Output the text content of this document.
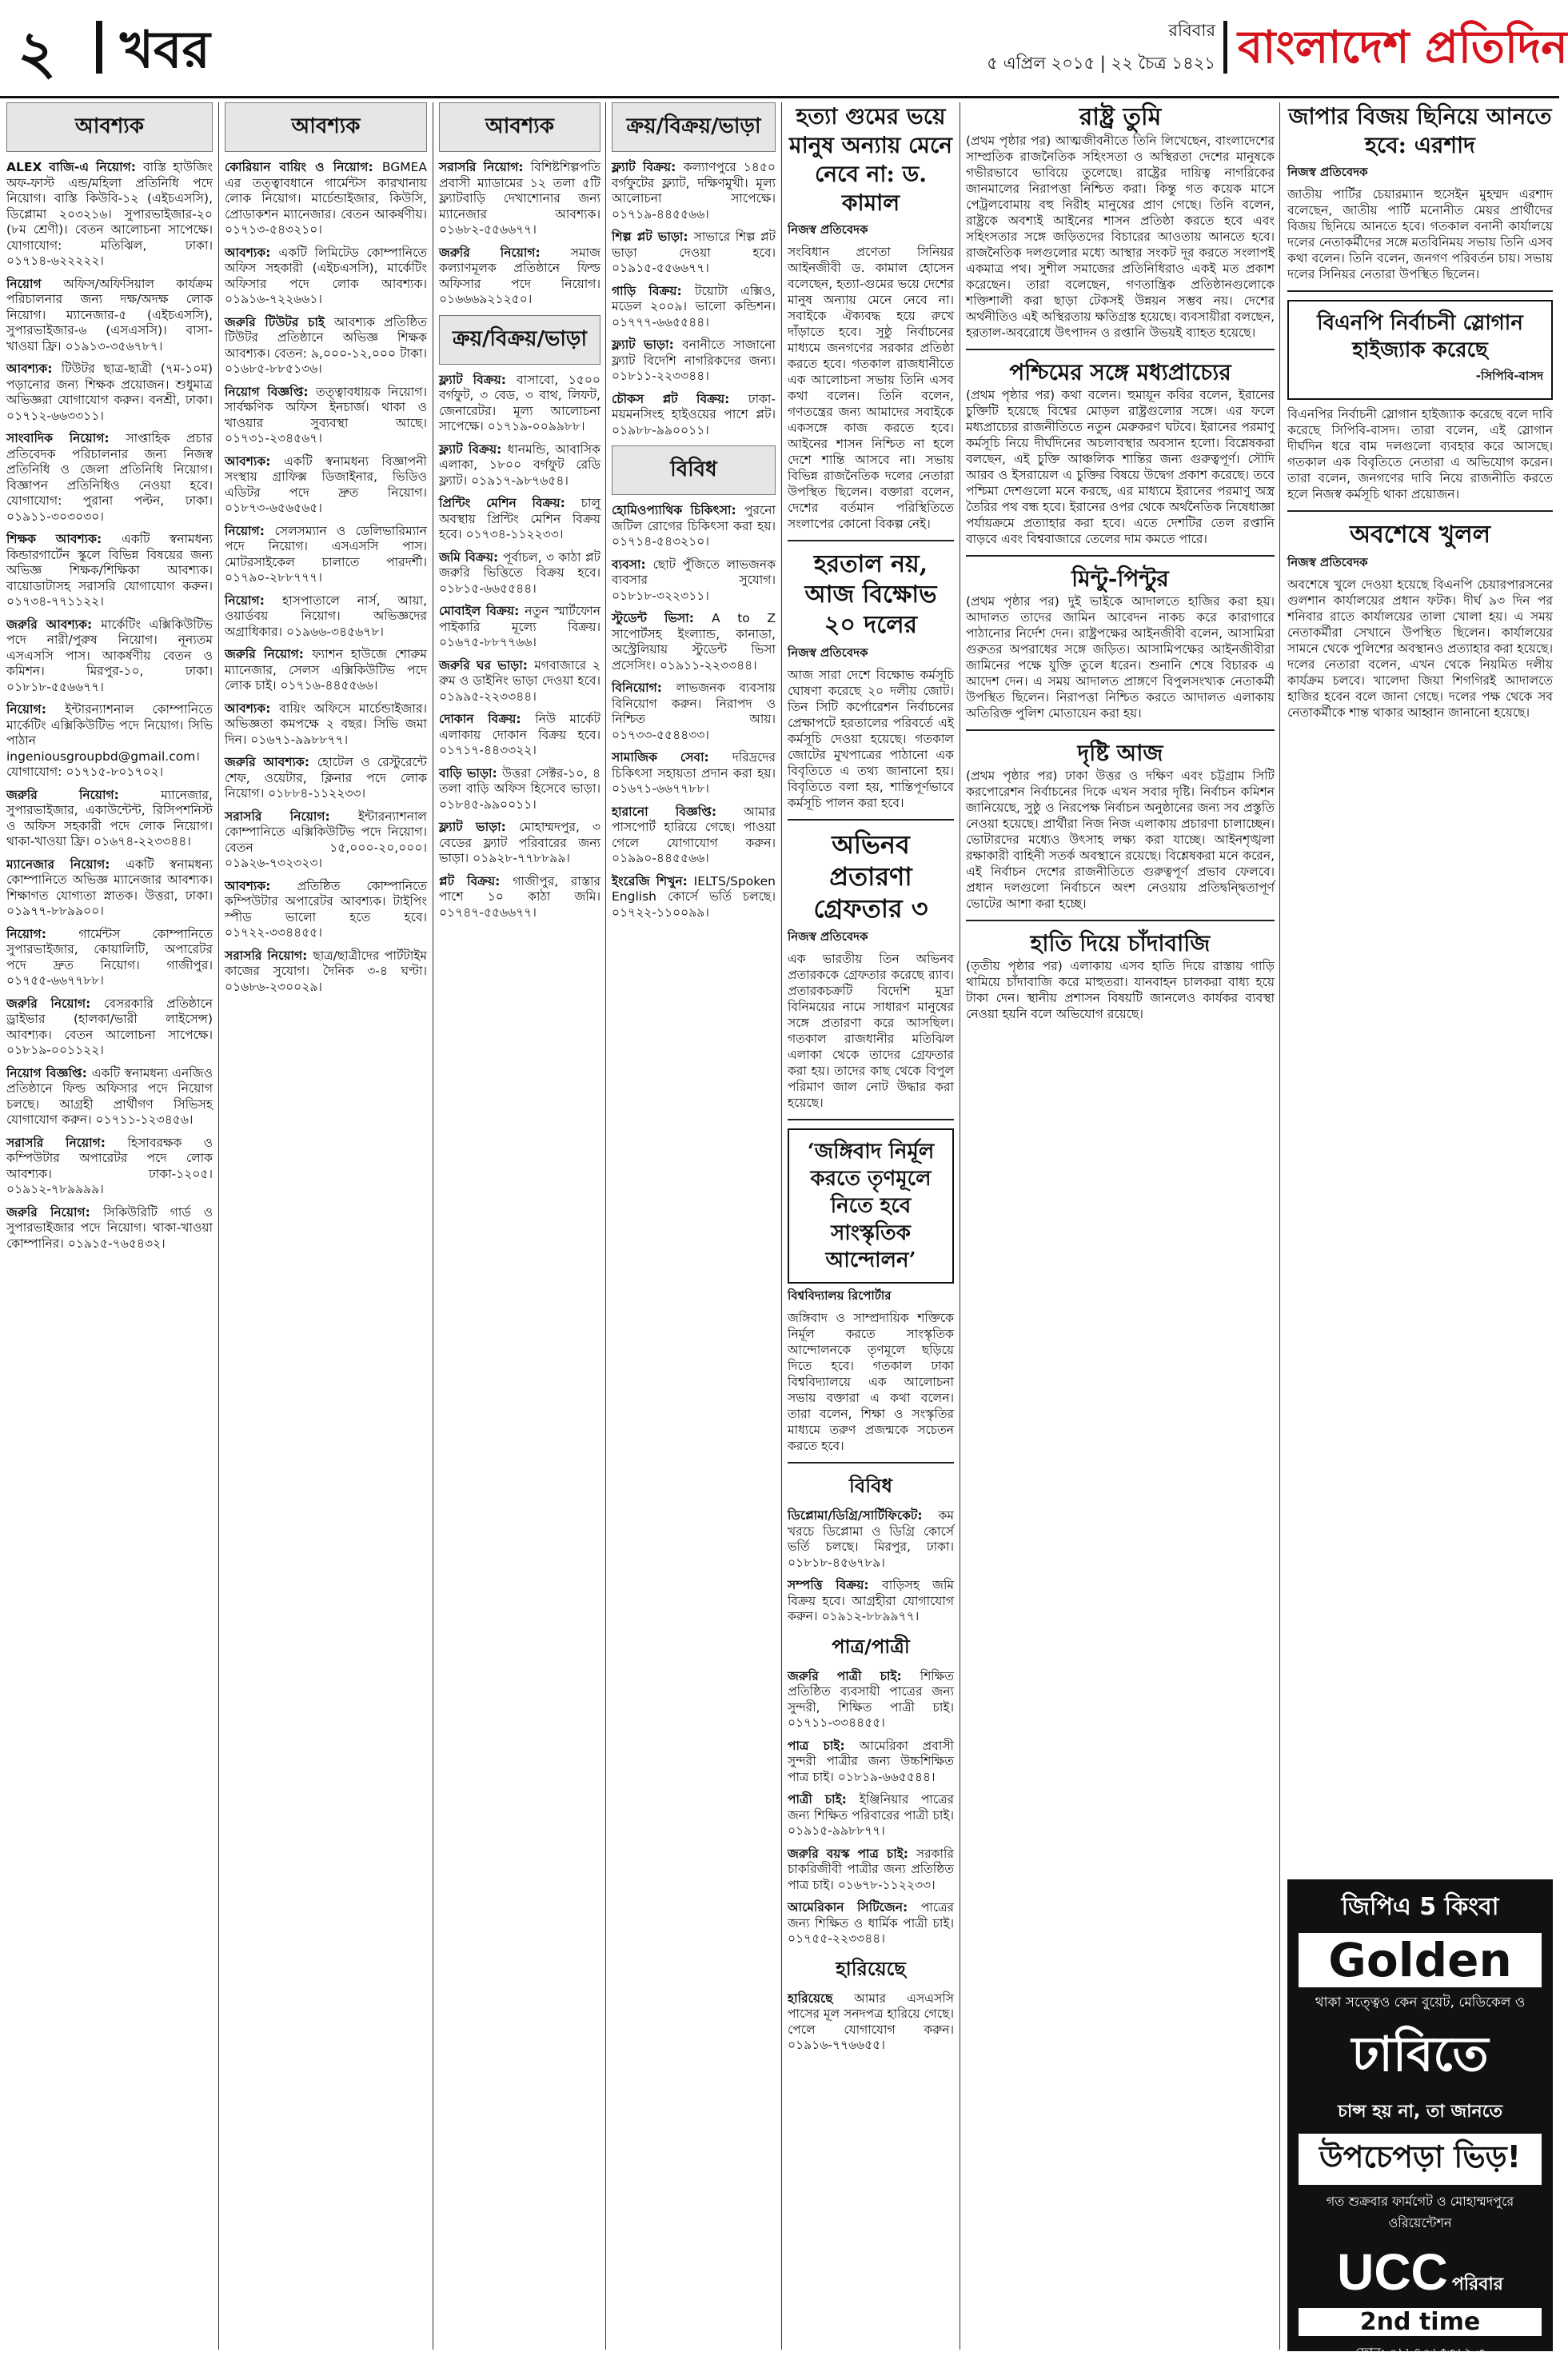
২ খবর	রবিবার
৫ এপ্রিল ২০১৫ | ২২ চৈত্র ১৪২১ বাংলাদেশ প্রতিদিন
আবশ্যক
ALEX বাজি-এ নিয়োগ: বাস্তি হাউজিং অফ-ফাস্ট এন্ড/মহিলা প্রতিনিধি পদে নিয়োগ। বাস্তি কিউবি-১২ (এইচএসসি), ডিপ্লোমা ২০৩২১৬। সুপারভাইজার-২০ (৮ম শ্রেণী)। বেতন আলোচনা সাপেক্ষে। যোগাযোগ: মতিঝিল, ঢাকা। ০১৭১৪-৬২২২২২।
নিয়োগ অফিস/অফিসিয়াল কার্যক্রম পরিচালনার জন্য দক্ষ/অদক্ষ লোক নিয়োগ। ম্যানেজার-৫ (এইচএসসি), সুপারভাইজার-৬ (এসএসসি)। বাসা-খাওয়া ফ্রি। ০১৯১৩-৩৫৬৭৮৭।
আবশ্যক: টিউটর ছাত্র-ছাত্রী (৭ম-১০ম) পড়ানোর জন্য শিক্ষক প্রয়োজন। শুধুমাত্র অভিজ্ঞরা যোগাযোগ করুন। বনশ্রী, ঢাকা। ০১৭১২-৬৬৩৩১১।
সাংবাদিক নিয়োগ: সাপ্তাহিক প্রচার প্রতিবেদক পরিচালনার জন্য নিজস্ব প্রতিনিধি ও জেলা প্রতিনিধি নিয়োগ। বিজ্ঞাপন প্রতিনিধিও নেওয়া হবে। যোগাযোগ: পুরানা পল্টন, ঢাকা। ০১৯১১-৩০৩০৩০।
শিক্ষক আবশ্যক: একটি স্বনামধন্য কিন্ডারগার্টেন স্কুলে বিভিন্ন বিষয়ের জন্য অভিজ্ঞ শিক্ষক/শিক্ষিকা আবশ্যক। বায়োডাটাসহ সরাসরি যোগাযোগ করুন। ০১৭৩৪-৭৭১১২২।
জরুরি আবশ্যক: মার্কেটিং এক্সিকিউটিভ পদে নারী/পুরুষ নিয়োগ। নূন্যতম এসএসসি পাস। আকর্ষণীয় বেতন ও কমিশন। মিরপুর-১০, ঢাকা। ০১৮১৮-৫৫৬৬৭৭।
নিয়োগ: ইন্টারন্যাশনাল কোম্পানিতে মার্কেটিং এক্সিকিউটিভ পদে নিয়োগ। সিভি পাঠান ingeniousgroupbd@gmail.com। যোগাযোগ: ০১৭১৫-৮০১৭০২।
জরুরি নিয়োগ: ম্যানেজার, সুপারভাইজার, একাউন্টেন্ট, রিসিপশনিস্ট ও অফিস সহকারী পদে লোক নিয়োগ। থাকা-খাওয়া ফ্রি। ০১৬৭৪-২২৩৩৪৪।
ম্যানেজার নিয়োগ: একটি স্বনামধন্য কোম্পানিতে অভিজ্ঞ ম্যানেজার আবশ্যক। শিক্ষাগত যোগ্যতা স্নাতক। উত্তরা, ঢাকা। ০১৯৭৭-৮৮৯৯০০।
নিয়োগ: গার্মেন্টস কোম্পানিতে সুপারভাইজার, কোয়ালিটি, অপারেটর পদে দ্রুত নিয়োগ। গাজীপুর। ০১৭৫৫-৬৬৭৭৮৮।
জরুরি নিয়োগ: বেসরকারি প্রতিষ্ঠানে ড্রাইভার (হালকা/ভারী লাইসেন্স) আবশ্যক। বেতন আলোচনা সাপেক্ষে। ০১৮১৯-০০১১২২।
নিয়োগ বিজ্ঞপ্তি: একটি স্বনামধন্য এনজিও প্রতিষ্ঠানে ফিল্ড অফিসার পদে নিয়োগ চলছে। আগ্রহী প্রার্থীগণ সিভিসহ যোগাযোগ করুন। ০১৭১১-১২৩৪৫৬।
সরাসরি নিয়োগ: হিসাবরক্ষক ও কম্পিউটার অপারেটর পদে লোক আবশ্যক। ঢাকা-১২০৫। ০১৯১২-৭৮৯৯৯৯।
জরুরি নিয়োগ: সিকিউরিটি গার্ড ও সুপারভাইজার পদে নিয়োগ। থাকা-খাওয়া কোম্পানির। ০১৯১৫-৭৬৫৪৩২।
আবশ্যক
কোরিয়ান বায়িং ও নিয়োগ: BGMEA এর তত্ত্বাবধানে গার্মেন্টস কারখানায় লোক নিয়োগ। মার্চেন্ডাইজার, কিউসি, প্রোডাকশন ম্যানেজার। বেতন আকর্ষণীয়। ০১৭১৩-৫৪৩২১০।
আবশ্যক: একটি লিমিটেড কোম্পানিতে অফিস সহকারী (এইচএসসি), মার্কেটিং অফিসার পদে লোক আবশ্যক। ০১৯১৬-৭২২৬৬১।
জরুরি টিউটর চাই আবশ্যক প্রতিষ্ঠিত টিউটর প্রতিষ্ঠানে অভিজ্ঞ শিক্ষক আবশ্যক। বেতন: ৯,০০০-১২,০০০ টাকা। ০১৬৮৫-৮৮৫১৩৬।
নিয়োগ বিজ্ঞপ্তি: তত্ত্বাবধায়ক নিয়োগ। সার্বক্ষণিক অফিস ইনচার্জ। থাকা ও খাওয়ার সুব্যবস্থা আছে। ০১৭৩১-২৩৪৫৬৭।
আবশ্যক: একটি স্বনামধন্য বিজ্ঞাপনী সংস্থায় গ্রাফিক্স ডিজাইনার, ভিডিও এডিটর পদে দ্রুত নিয়োগ। ০১৮৭৩-৬৫৬৫৬৫।
নিয়োগ: সেলসম্যান ও ডেলিভারিম্যান পদে নিয়োগ। এসএসসি পাস। মোটরসাইকেল চালাতে পারদর্শী। ০১৭৯০-২৮৮৭৭৭।
নিয়োগ: হাসপাতালে নার্স, আয়া, ওয়ার্ডবয় নিয়োগ। অভিজ্ঞদের অগ্রাধিকার। ০১৯৬৬-৩৪৫৬৭৮।
জরুরি নিয়োগ: ফ্যাশন হাউজে শোরুম ম্যানেজার, সেলস এক্সিকিউটিভ পদে লোক চাই। ০১৭১৬-৪৪৫৫৬৬।
আবশ্যক: বায়িং অফিসে মার্চেন্ডাইজার। অভিজ্ঞতা কমপক্ষে ২ বছর। সিভি জমা দিন। ০১৬৭১-৯৯৮৮৭৭।
জরুরি আবশ্যক: হোটেল ও রেস্টুরেন্টে শেফ, ওয়েটার, ক্লিনার পদে লোক নিয়োগ। ০১৮৮৪-১১২২৩৩।
সরাসরি নিয়োগ: ইন্টারন্যাশনাল কোম্পানিতে এক্সিকিউটিভ পদে নিয়োগ। বেতন ১৫,০০০-২০,০০০। ০১৯২৬-৭৩২৩২৩।
আবশ্যক: প্রতিষ্ঠিত কোম্পানিতে কম্পিউটার অপারেটর আবশ্যক। টাইপিং স্পীড ভালো হতে হবে। ০১৭২২-৩৩৪৪৫৫।
সরাসরি নিয়োগ: ছাত্র/ছাত্রীদের পার্টটাইম কাজের সুযোগ। দৈনিক ৩-৪ ঘণ্টা। ০১৬৮৬-২৩০০২৯।
আবশ্যক
সরাসরি নিয়োগ: বিশিষ্টশিল্পপতি প্রবাসী ম্যাডামের ১২ তলা ৫টি ফ্ল্যাটবাড়ি দেখাশোনার জন্য ম্যানেজার আবশ্যক। ০১৬৮২-৫৫৬৬৭৭।
জরুরি নিয়োগ: সমাজ কল্যাণমূলক প্রতিষ্ঠানে ফিল্ড অফিসার পদে নিয়োগ। ০১৬৬৬৯২১২৫০।
ক্রয়/বিক্রয়/ভাড়া
ফ্ল্যাট বিক্রয়: বাসাবো, ১৫০০ বর্গফুট, ৩ বেড, ৩ বাথ, লিফট, জেনারেটর। মূল্য আলোচনা সাপেক্ষে। ০১৭১৯-০০৯৯৮৮।
ফ্ল্যাট বিক্রয়: ধানমন্ডি, আবাসিক এলাকা, ১৮০০ বর্গফুট রেডি ফ্ল্যাট। ০১৯১৭-৯৮৭৬৫৪।
প্রিন্টিং মেশিন বিক্রয়: চালু অবস্থায় প্রিন্টিং মেশিন বিক্রয় হবে। ০১৭৩৪-১১২২৩৩।
জমি বিক্রয়: পূর্বাচল, ৩ কাঠা প্লট জরুরি ভিত্তিতে বিক্রয় হবে। ০১৮১৫-৬৬৫৫৪৪।
মোবাইল বিক্রয়: নতুন স্মার্টফোন পাইকারি মূল্যে বিক্রয়। ০১৬৭৫-৮৮৭৭৬৬।
জরুরি ঘর ভাড়া: মগবাজারে ২ রুম ও ডাইনিং ভাড়া দেওয়া হবে। ০১৯৯৫-২২৩৩৪৪।
দোকান বিক্রয়: নিউ মার্কেট এলাকায় দোকান বিক্রয় হবে। ০১৭১৭-৪৪৩৩২২।
বাড়ি ভাড়া: উত্তরা সেক্টর-১০, ৪ তলা বাড়ি অফিস হিসেবে ভাড়া। ০১৮৪৫-৯৯০০১১।
ফ্ল্যাট ভাড়া: মোহাম্মদপুর, ৩ বেডের ফ্ল্যাট পরিবারের জন্য ভাড়া। ০১৯২৮-৭৭৮৮৯৯।
প্লট বিক্রয়: গাজীপুর, রাস্তার পাশে ১০ কাঠা জমি। ০১৭৪৭-৫৫৬৬৭৭।
ক্রয়/বিক্রয়/ভাড়া
ফ্ল্যাট বিক্রয়: কল্যাণপুরে ১৪৫০ বর্গফুটের ফ্ল্যাট, দক্ষিণমুখী। মূল্য আলোচনা সাপেক্ষে। ০১৭১৯-৪৪৫৫৬৬।
শিল্প প্লট ভাড়া: সাভারে শিল্প প্লট ভাড়া দেওয়া হবে। ০১৯১৫-৫৫৬৬৭৭।
গাড়ি বিক্রয়: টয়োটা এক্সিও, মডেল ২০০৯। ভালো কন্ডিশন। ০১৭৭৭-৬৬৫৫৪৪।
ফ্ল্যাট ভাড়া: বনানীতে সাজানো ফ্ল্যাট বিদেশি নাগরিকদের জন্য। ০১৮১১-২২৩৩৪৪।
চৌকস প্লট বিক্রয়: ঢাকা-ময়মনসিংহ হাইওয়ের পাশে প্লট। ০১৯৮৮-৯৯০০১১।
বিবিধ
হোমিওপ্যাথিক চিকিৎসা: পুরনো জটিল রোগের চিকিৎসা করা হয়। ০১৭১৪-৫৪৩২১০।
ব্যবসা: ছোট পুঁজিতে লাভজনক ব্যবসার সুযোগ। ০১৮১৮-৩২২৩১১।
স্টুডেন্ট ভিসা: A to Z সাপোর্টসহ ইংল্যান্ড, কানাডা, অস্ট্রেলিয়ায় স্টুডেন্ট ভিসা প্রসেসিং। ০১৯১১-২২৩৩৪৪।
বিনিয়োগ: লাভজনক ব্যবসায় বিনিয়োগ করুন। নিরাপদ ও নিশ্চিত আয়। ০১৭৩৩-৫৫৪৪৩৩।
সামাজিক সেবা: দরিদ্রদের চিকিৎসা সহায়তা প্রদান করা হয়। ০১৬৭১-৬৬৭৭৮৮।
হারানো বিজ্ঞপ্তি: আমার পাসপোর্ট হারিয়ে গেছে। পাওয়া গেলে যোগাযোগ করুন। ০১৯৯০-৪৪৫৫৬৬।
ইংরেজি শিখুন: IELTS/Spoken English কোর্সে ভর্তি চলছে। ০১৭২২-১১০০৯৯।
হত্যা গুমের ভয়ে মানুষ অন্যায় মেনে নেবে না: ড. কামাল
নিজস্ব প্রতিবেদক
সংবিধান প্রণেতা সিনিয়র আইনজীবী ড. কামাল হোসেন বলেছেন, হত্যা-গুমের ভয়ে দেশের মানুষ অন্যায় মেনে নেবে না। সবাইকে ঐক্যবদ্ধ হয়ে রুখে দাঁড়াতে হবে। সুষ্ঠু নির্বাচনের মাধ্যমে জনগণের সরকার প্রতিষ্ঠা করতে হবে। গতকাল রাজধানীতে এক আলোচনা সভায় তিনি এসব কথা বলেন। তিনি বলেন, গণতন্ত্রের জন্য আমাদের সবাইকে একসঙ্গে কাজ করতে হবে। আইনের শাসন নিশ্চিত না হলে দেশে শান্তি আসবে না। সভায় বিভিন্ন রাজনৈতিক দলের নেতারা উপস্থিত ছিলেন। বক্তারা বলেন, দেশের বর্তমান পরিস্থিতিতে সংলাপের কোনো বিকল্প নেই।
হরতাল নয়, আজ বিক্ষোভ ২০ দলের
নিজস্ব প্রতিবেদক
আজ সারা দেশে বিক্ষোভ কর্মসূচি ঘোষণা করেছে ২০ দলীয় জোট। তিন সিটি কর্পোরেশন নির্বাচনের প্রেক্ষাপটে হরতালের পরিবর্তে এই কর্মসূচি দেওয়া হয়েছে। গতকাল জোটের মুখপাত্রের পাঠানো এক বিবৃতিতে এ তথ্য জানানো হয়। বিবৃতিতে বলা হয়, শান্তিপূর্ণভাবে কর্মসূচি পালন করা হবে।
অভিনব প্রতারণা গ্রেফতার ৩
নিজস্ব প্রতিবেদক
এক ভারতীয় তিন অভিনব প্রতারককে গ্রেফতার করেছে র‌্যাব। প্রতারকচক্রটি বিদেশি মুদ্রা বিনিময়ের নামে সাধারণ মানুষের সঙ্গে প্রতারণা করে আসছিল। গতকাল রাজধানীর মতিঝিল এলাকা থেকে তাদের গ্রেফতার করা হয়। তাদের কাছ থেকে বিপুল পরিমাণ জাল নোট উদ্ধার করা হয়েছে।
‘জঙ্গিবাদ নির্মূল করতে তৃণমূলে নিতে হবে সাংস্কৃতিক আন্দোলন’
বিশ্ববিদ্যালয় রিপোর্টার
জঙ্গিবাদ ও সাম্প্রদায়িক শক্তিকে নির্মূল করতে সাংস্কৃতিক আন্দোলনকে তৃণমূলে ছড়িয়ে দিতে হবে। গতকাল ঢাকা বিশ্ববিদ্যালয়ে এক আলোচনা সভায় বক্তারা এ কথা বলেন। তারা বলেন, শিক্ষা ও সংস্কৃতির মাধ্যমে তরুণ প্রজন্মকে সচেতন করতে হবে।
বিবিধ
ডিপ্লোমা/ডিগ্রি/সার্টিফিকেট: কম খরচে ডিপ্লোমা ও ডিগ্রি কোর্সে ভর্তি চলছে। মিরপুর, ঢাকা। ০১৮১৮-৪৫৬৭৮৯।
সম্পত্তি বিক্রয়: বাড়িসহ জমি বিক্রয় হবে। আগ্রহীরা যোগাযোগ করুন। ০১৯১২-৮৮৯৯৭৭।
পাত্র/পাত্রী
জরুরি পাত্রী চাই: শিক্ষিত প্রতিষ্ঠিত ব্যবসায়ী পাত্রের জন্য সুন্দরী, শিক্ষিত পাত্রী চাই। ০১৭১১-৩৩৪৪৫৫।
পাত্র চাই: আমেরিকা প্রবাসী সুন্দরী পাত্রীর জন্য উচ্চশিক্ষিত পাত্র চাই। ০১৮১৯-৬৬৫৫৪৪।
পাত্রী চাই: ইঞ্জিনিয়ার পাত্রের জন্য শিক্ষিত পরিবারের পাত্রী চাই। ০১৯১৫-৯৯৮৮৭৭।
জরুরি বয়স্ক পাত্র চাই: সরকারি চাকরিজীবী পাত্রীর জন্য প্রতিষ্ঠিত পাত্র চাই। ০১৬৭৮-১১২২৩৩।
আমেরিকান সিটিজেন: পাত্রের জন্য শিক্ষিত ও ধার্মিক পাত্রী চাই। ০১৭৫৫-২২৩৩৪৪।
হারিয়েছে
হারিয়েছে আমার এসএসসি পাসের মূল সনদপত্র হারিয়ে গেছে। পেলে যোগাযোগ করুন। ০১৯১৬-৭৭৬৬৫৫।
রাষ্ট্র তুমি
(প্রথম পৃষ্ঠার পর) আত্মজীবনীতে তিনি লিখেছেন, বাংলাদেশের সাম্প্রতিক রাজনৈতিক সহিংসতা ও অস্থিরতা দেশের মানুষকে গভীরভাবে ভাবিয়ে তুলেছে। রাষ্ট্রের দায়িত্ব নাগরিকের জানমালের নিরাপত্তা নিশ্চিত করা। কিন্তু গত কয়েক মাসে পেট্রলবোমায় বহু নিরীহ মানুষের প্রাণ গেছে। তিনি বলেন, রাষ্ট্রকে অবশ্যই আইনের শাসন প্রতিষ্ঠা করতে হবে এবং সহিংসতার সঙ্গে জড়িতদের বিচারের আওতায় আনতে হবে। রাজনৈতিক দলগুলোর মধ্যে আস্থার সংকট দূর করতে সংলাপই একমাত্র পথ। সুশীল সমাজের প্রতিনিধিরাও একই মত প্রকাশ করেছেন। তারা বলেছেন, গণতান্ত্রিক প্রতিষ্ঠানগুলোকে শক্তিশালী করা ছাড়া টেকসই উন্নয়ন সম্ভব নয়। দেশের অর্থনীতিও এই অস্থিরতায় ক্ষতিগ্রস্ত হয়েছে। ব্যবসায়ীরা বলছেন, হরতাল-অবরোধে উৎপাদন ও রপ্তানি উভয়ই ব্যাহত হয়েছে।
পশ্চিমের সঙ্গে মধ্যপ্রাচ্যের
(প্রথম পৃষ্ঠার পর) কথা বলেন। হুমায়ূন কবির বলেন, ইরানের চুক্তিটি হয়েছে বিশ্বের মোড়ল রাষ্ট্রগুলোর সঙ্গে। এর ফলে মধ্যপ্রাচ্যের রাজনীতিতে নতুন মেরুকরণ ঘটবে। ইরানের পরমাণু কর্মসূচি নিয়ে দীর্ঘদিনের অচলাবস্থার অবসান হলো। বিশ্লেষকরা বলছেন, এই চুক্তি আঞ্চলিক শান্তির জন্য গুরুত্বপূর্ণ। সৌদি আরব ও ইসরায়েল এ চুক্তির বিষয়ে উদ্বেগ প্রকাশ করেছে। তবে পশ্চিমা দেশগুলো মনে করছে, এর মাধ্যমে ইরানের পরমাণু অস্ত্র তৈরির পথ বন্ধ হবে। ইরানের ওপর থেকে অর্থনৈতিক নিষেধাজ্ঞা পর্যায়ক্রমে প্রত্যাহার করা হবে। এতে দেশটির তেল রপ্তানি বাড়বে এবং বিশ্ববাজারে তেলের দাম কমতে পারে।
মিন্টু-পিন্টুর
(প্রথম পৃষ্ঠার পর) দুই ভাইকে আদালতে হাজির করা হয়। আদালত তাদের জামিন আবেদন নাকচ করে কারাগারে পাঠানোর নির্দেশ দেন। রাষ্ট্রপক্ষের আইনজীবী বলেন, আসামিরা গুরুতর অপরাধের সঙ্গে জড়িত। আসামিপক্ষের আইনজীবীরা জামিনের পক্ষে যুক্তি তুলে ধরেন। শুনানি শেষে বিচারক এ আদেশ দেন। এ সময় আদালত প্রাঙ্গণে বিপুলসংখ্যক নেতাকর্মী উপস্থিত ছিলেন। নিরাপত্তা নিশ্চিত করতে আদালত এলাকায় অতিরিক্ত পুলিশ মোতায়েন করা হয়।
দৃষ্টি আজ
(প্রথম পৃষ্ঠার পর) ঢাকা উত্তর ও দক্ষিণ এবং চট্টগ্রাম সিটি করপোরেশন নির্বাচনের দিকে এখন সবার দৃষ্টি। নির্বাচন কমিশন জানিয়েছে, সুষ্ঠু ও নিরপেক্ষ নির্বাচন অনুষ্ঠানের জন্য সব প্রস্তুতি নেওয়া হয়েছে। প্রার্থীরা নিজ নিজ এলাকায় প্রচারণা চালাচ্ছেন। ভোটারদের মধ্যেও উৎসাহ লক্ষ্য করা যাচ্ছে। আইনশৃঙ্খলা রক্ষাকারী বাহিনী সতর্ক অবস্থানে রয়েছে। বিশ্লেষকরা মনে করেন, এই নির্বাচন দেশের রাজনীতিতে গুরুত্বপূর্ণ প্রভাব ফেলবে। প্রধান দলগুলো নির্বাচনে অংশ নেওয়ায় প্রতিদ্বন্দ্বিতাপূর্ণ ভোটের আশা করা হচ্ছে।
হাতি দিয়ে চাঁদাবাজি
(তৃতীয় পৃষ্ঠার পর) এলাকায় এসব হাতি দিয়ে রাস্তায় গাড়ি থামিয়ে চাঁদাবাজি করে মাহুতরা। যানবাহন চালকরা বাধ্য হয়ে টাকা দেন। স্থানীয় প্রশাসন বিষয়টি জানলেও কার্যকর ব্যবস্থা নেওয়া হয়নি বলে অভিযোগ রয়েছে।
জাপার বিজয় ছিনিয়ে আনতে হবে: এরশাদ
নিজস্ব প্রতিবেদক
জাতীয় পার্টির চেয়ারম্যান হুসেইন মুহম্মদ এরশাদ বলেছেন, জাতীয় পার্টি মনোনীত মেয়র প্রার্থীদের বিজয় ছিনিয়ে আনতে হবে। গতকাল বনানী কার্যালয়ে দলের নেতাকর্মীদের সঙ্গে মতবিনিময় সভায় তিনি এসব কথা বলেন। তিনি বলেন, জনগণ পরিবর্তন চায়। সভায় দলের সিনিয়র নেতারা উপস্থিত ছিলেন।
বিএনপি নির্বাচনী স্লোগান হাইজ্যাক করেছে
-সিপিবি-বাসদ
বিএনপির নির্বাচনী স্লোগান হাইজ্যাক করেছে বলে দাবি করেছে সিপিবি-বাসদ। তারা বলেন, এই স্লোগান দীর্ঘদিন ধরে বাম দলগুলো ব্যবহার করে আসছে। গতকাল এক বিবৃতিতে নেতারা এ অভিযোগ করেন। তারা বলেন, জনগণের দাবি নিয়ে রাজনীতি করতে হলে নিজস্ব কর্মসূচি থাকা প্রয়োজন।
অবশেষে খুলল
নিজস্ব প্রতিবেদক
অবশেষে খুলে দেওয়া হয়েছে বিএনপি চেয়ারপারসনের গুলশান কার্যালয়ের প্রধান ফটক। দীর্ঘ ৯৩ দিন পর শনিবার রাতে কার্যালয়ের তালা খোলা হয়। এ সময় নেতাকর্মীরা সেখানে উপস্থিত ছিলেন। কার্যালয়ের সামনে থেকে পুলিশের অবস্থানও প্রত্যাহার করা হয়েছে। দলের নেতারা বলেন, এখন থেকে নিয়মিত দলীয় কার্যক্রম চলবে। খালেদা জিয়া শিগগিরই আদালতে হাজির হবেন বলে জানা গেছে। দলের পক্ষ থেকে সব নেতাকর্মীকে শান্ত থাকার আহ্বান জানানো হয়েছে।
জিপিএ 5 কিংবা
Golden
থাকা সত্ত্বেও কেন বুয়েট, মেডিকেল ও
ঢাবিতে
চান্স হয় না, তা জানতে
উপচেপড়া ভিড়!
গত শুক্রবার ফার্মগেট ও মোহাম্মদপুরে ওরিয়েন্টেশন
UCC পরিবার
2nd time
ফোন: ০১৮৭০৬৫৩৬২-৩
